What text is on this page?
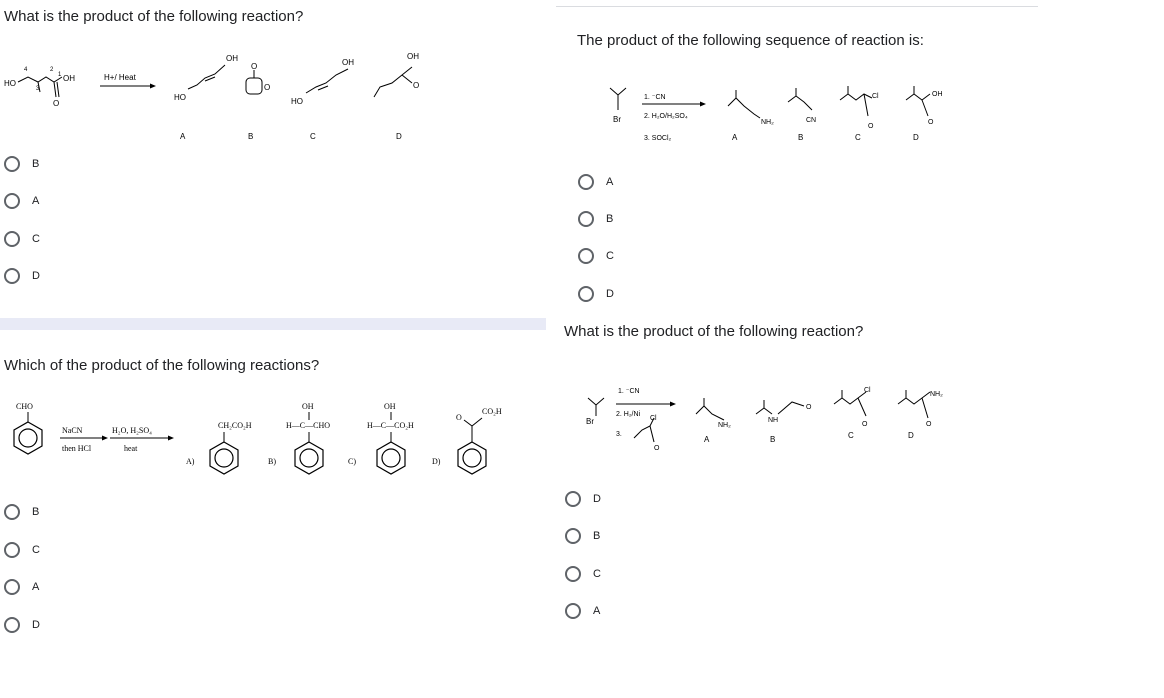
What is the product of the following reaction?
HO
OH
O
4	2
1
3
H+/ Heat
OH
HO
A
O
O
B
OH
HO
C
OH
O
D
B
A
C
D
The product of the following sequence of reaction is:
Br
1. ⁻CN
2. H₂O/H₂SO₄
3. SOCl₂
NH₂
A
CN
B
Cl
O
C
OH
O
D
A
B
C
D
What is the product of the following reaction?
Br
1. ⁻CN
2. H₂/Ni
3.
Cl
O
NH₂
A
NH
O
B
Cl
O
C
NH₂
O
D
D
B
C
A
Which of the product of the following reactions?
CHO
NaCN
then HCl
H₂O, H₂SO₄
heat
A)
CH₂CO₂H
B)
OH
H—C—CHO
C)
OH
H—C—CO₂H
D)
O
CO₂H
B
C
A
D
